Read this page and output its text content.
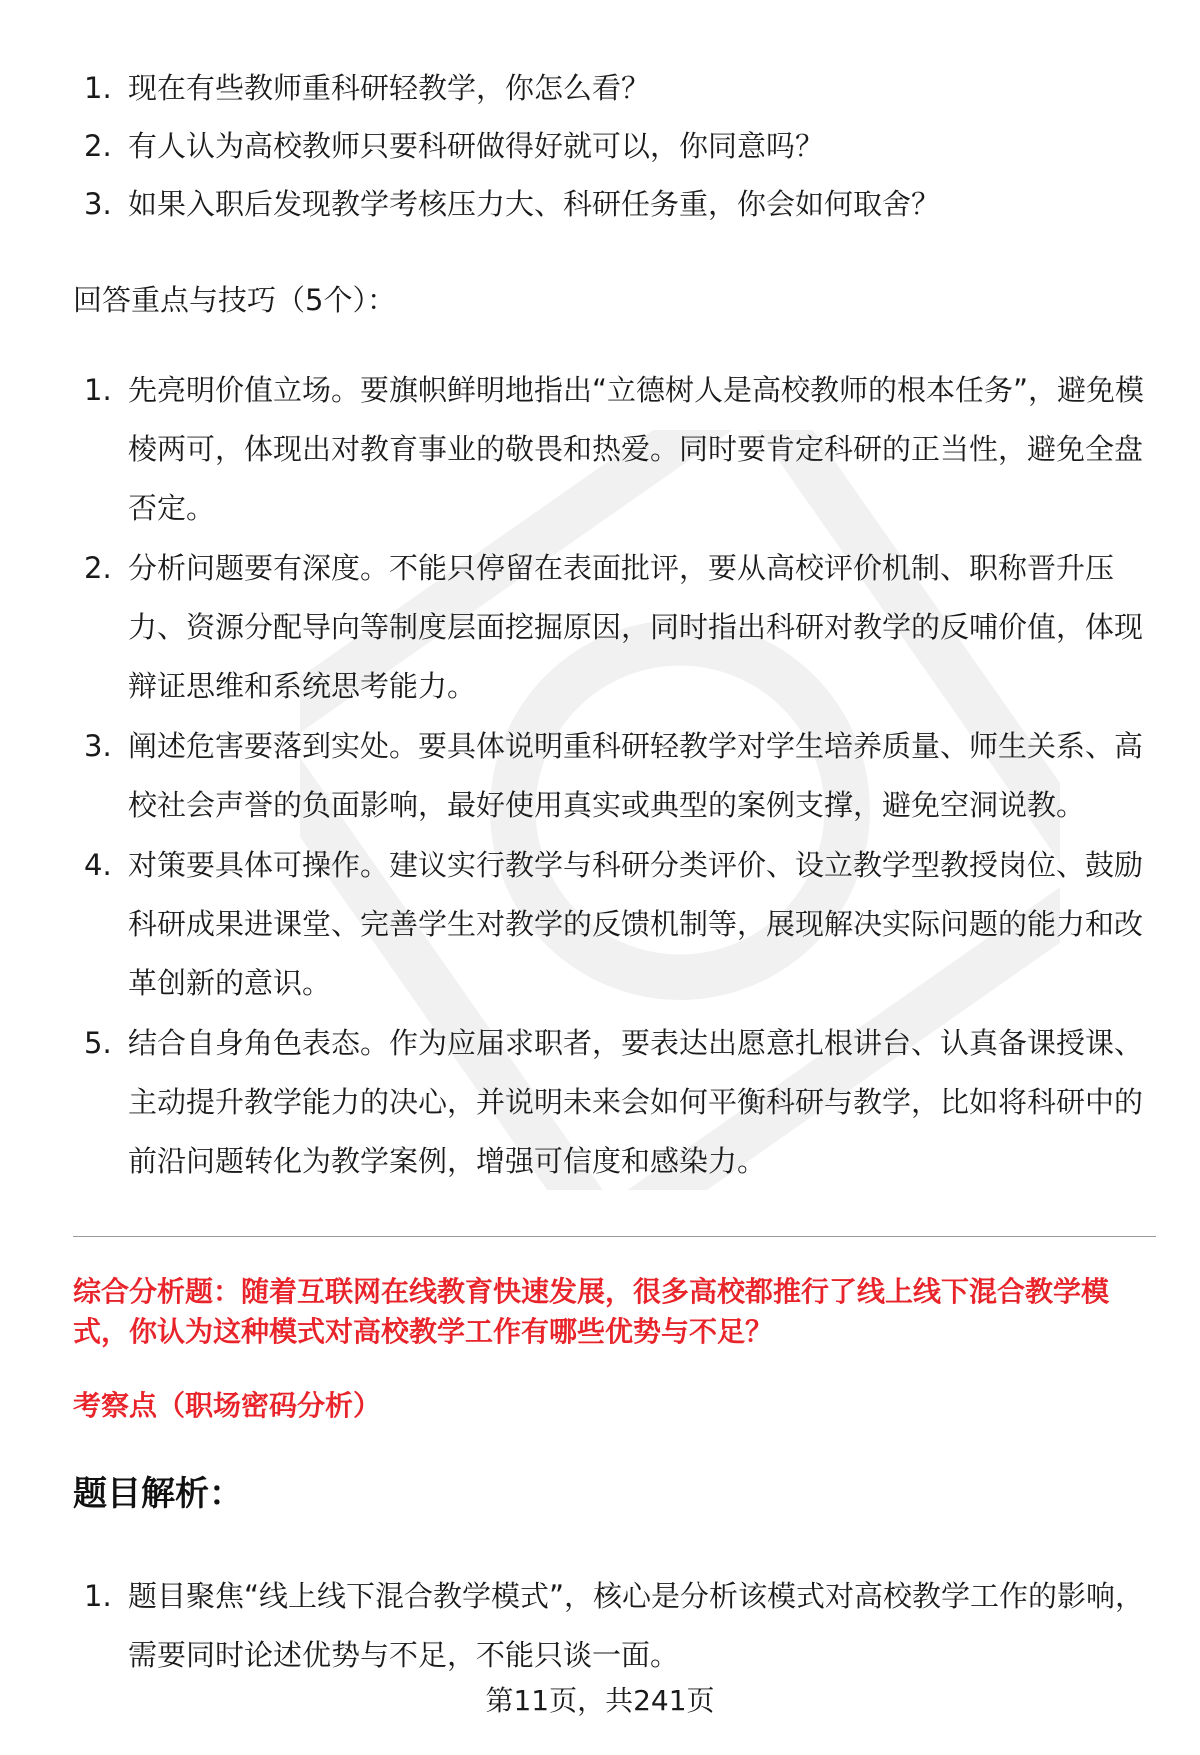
1. 现在有些教师重科研轻教学，你怎么看？
2. 有人认为高校教师只要科研做得好就可以，你同意吗？
3. 如果入职后发现教学考核压力大、科研任务重，你会如何取舍？
回答重点与技巧（5个）：
1. 先亮明价值立场。要旗帜鲜明地指出“立德树人是高校教师的根本任务”，避免模棱两可，体现出对教育事业的敬畏和热爱。同时要肯定科研的正当性，避免全盘否定。
2. 分析问题要有深度。不能只停留在表面批评，要从高校评价机制、职称晋升压力、资源分配导向等制度层面挖掘原因，同时指出科研对教学的反哺价值，体现辩证思维和系统思考能力。
3. 阐述危害要落到实处。要具体说明重科研轻教学对学生培养质量、师生关系、高校社会声誉的负面影响，最好使用真实或典型的案例支撑，避免空洞说教。
4. 对策要具体可操作。建议实行教学与科研分类评价、设立教学型教授岗位、鼓励科研成果进课堂、完善学生对教学的反馈机制等，展现解决实际问题的能力和改革创新的意识。
5. 结合自身角色表态。作为应届求职者，要表达出愿意扎根讲台、认真备课授课、主动提升教学能力的决心，并说明未来会如何平衡科研与教学，比如将科研中的前沿问题转化为教学案例，增强可信度和感染力。
综合分析题：随着互联网在线教育快速发展，很多高校都推行了线上线下混合教学模式，你认为这种模式对高校教学工作有哪些优势与不足？
考察点（职场密码分析）
题目解析：
1. 题目聚焦“线上线下混合教学模式”，核心是分析该模式对高校教学工作的影响，需要同时论述优势与不足，不能只谈一面。
第11页，共241页
